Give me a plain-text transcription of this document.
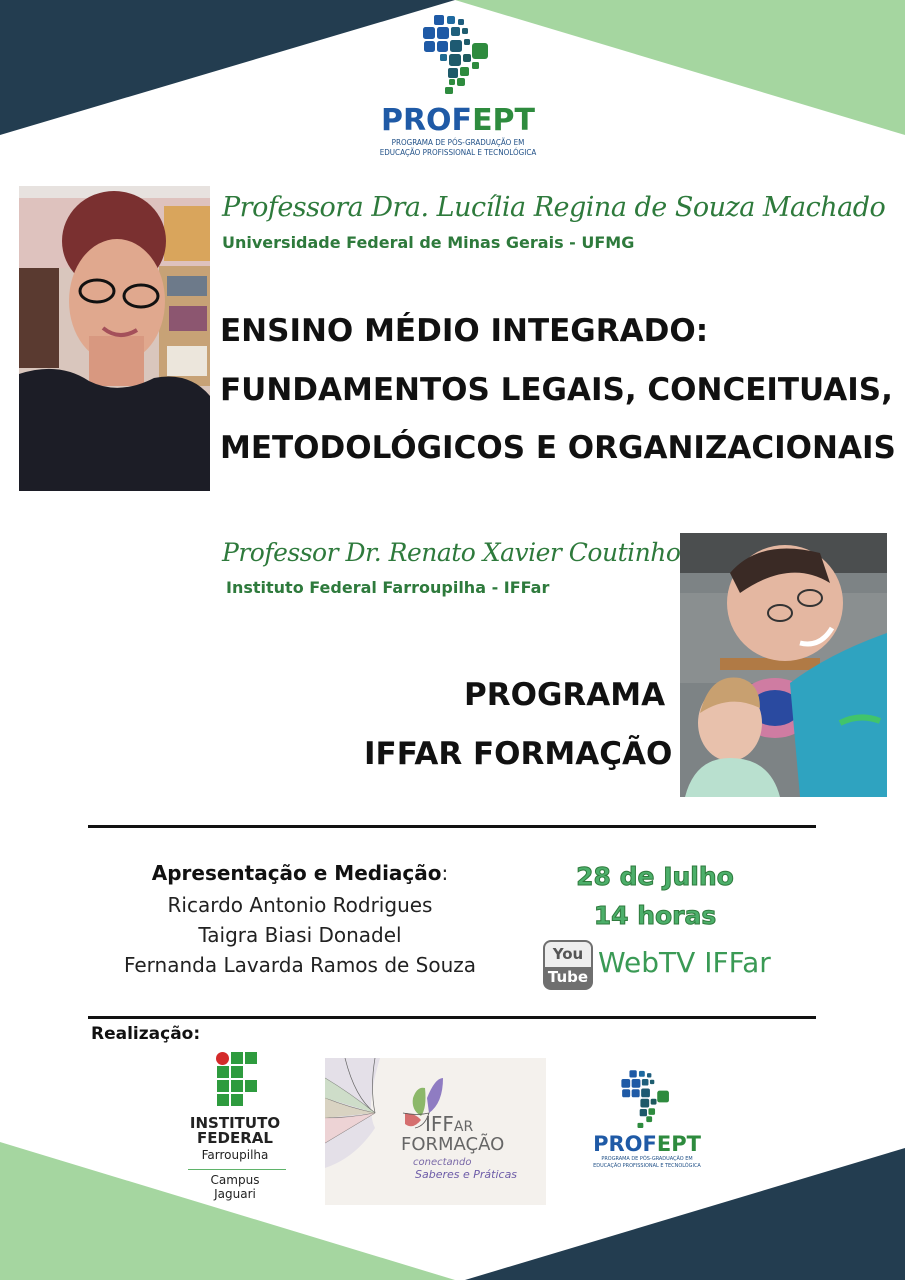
PROFEPT
PROGRAMA DE PÓS-GRADUAÇÃO EM
EDUCAÇÃO PROFISSIONAL E TECNOLÓGICA
Professora Dra. Lucília Regina de Souza Machado
Universidade Federal de Minas Gerais - UFMG
ENSINO MÉDIO INTEGRADO:
FUNDAMENTOS LEGAIS, CONCEITUAIS,
METODOLÓGICOS E ORGANIZACIONAIS
Professor Dr. Renato Xavier Coutinho
Instituto Federal Farroupilha - IFFar
PROGRAMA
IFFAR FORMAÇÃO
Apresentação e Mediação:
Ricardo Antonio Rodrigues
Taigra Biasi Donadel
Fernanda Lavarda Ramos de Souza
28 de Julho
14 horas
You
Tube WebTV IFFar
Realização:
INSTITUTO
FEDERAL
Farroupilha
Campus
Jaguari
IFFAR
FORMAÇÃO
conectando
Saberes e Práticas
PROFEPT
PROGRAMA DE PÓS-GRADUAÇÃO EM
EDUCAÇÃO PROFISSIONAL E TECNOLÓGICA
